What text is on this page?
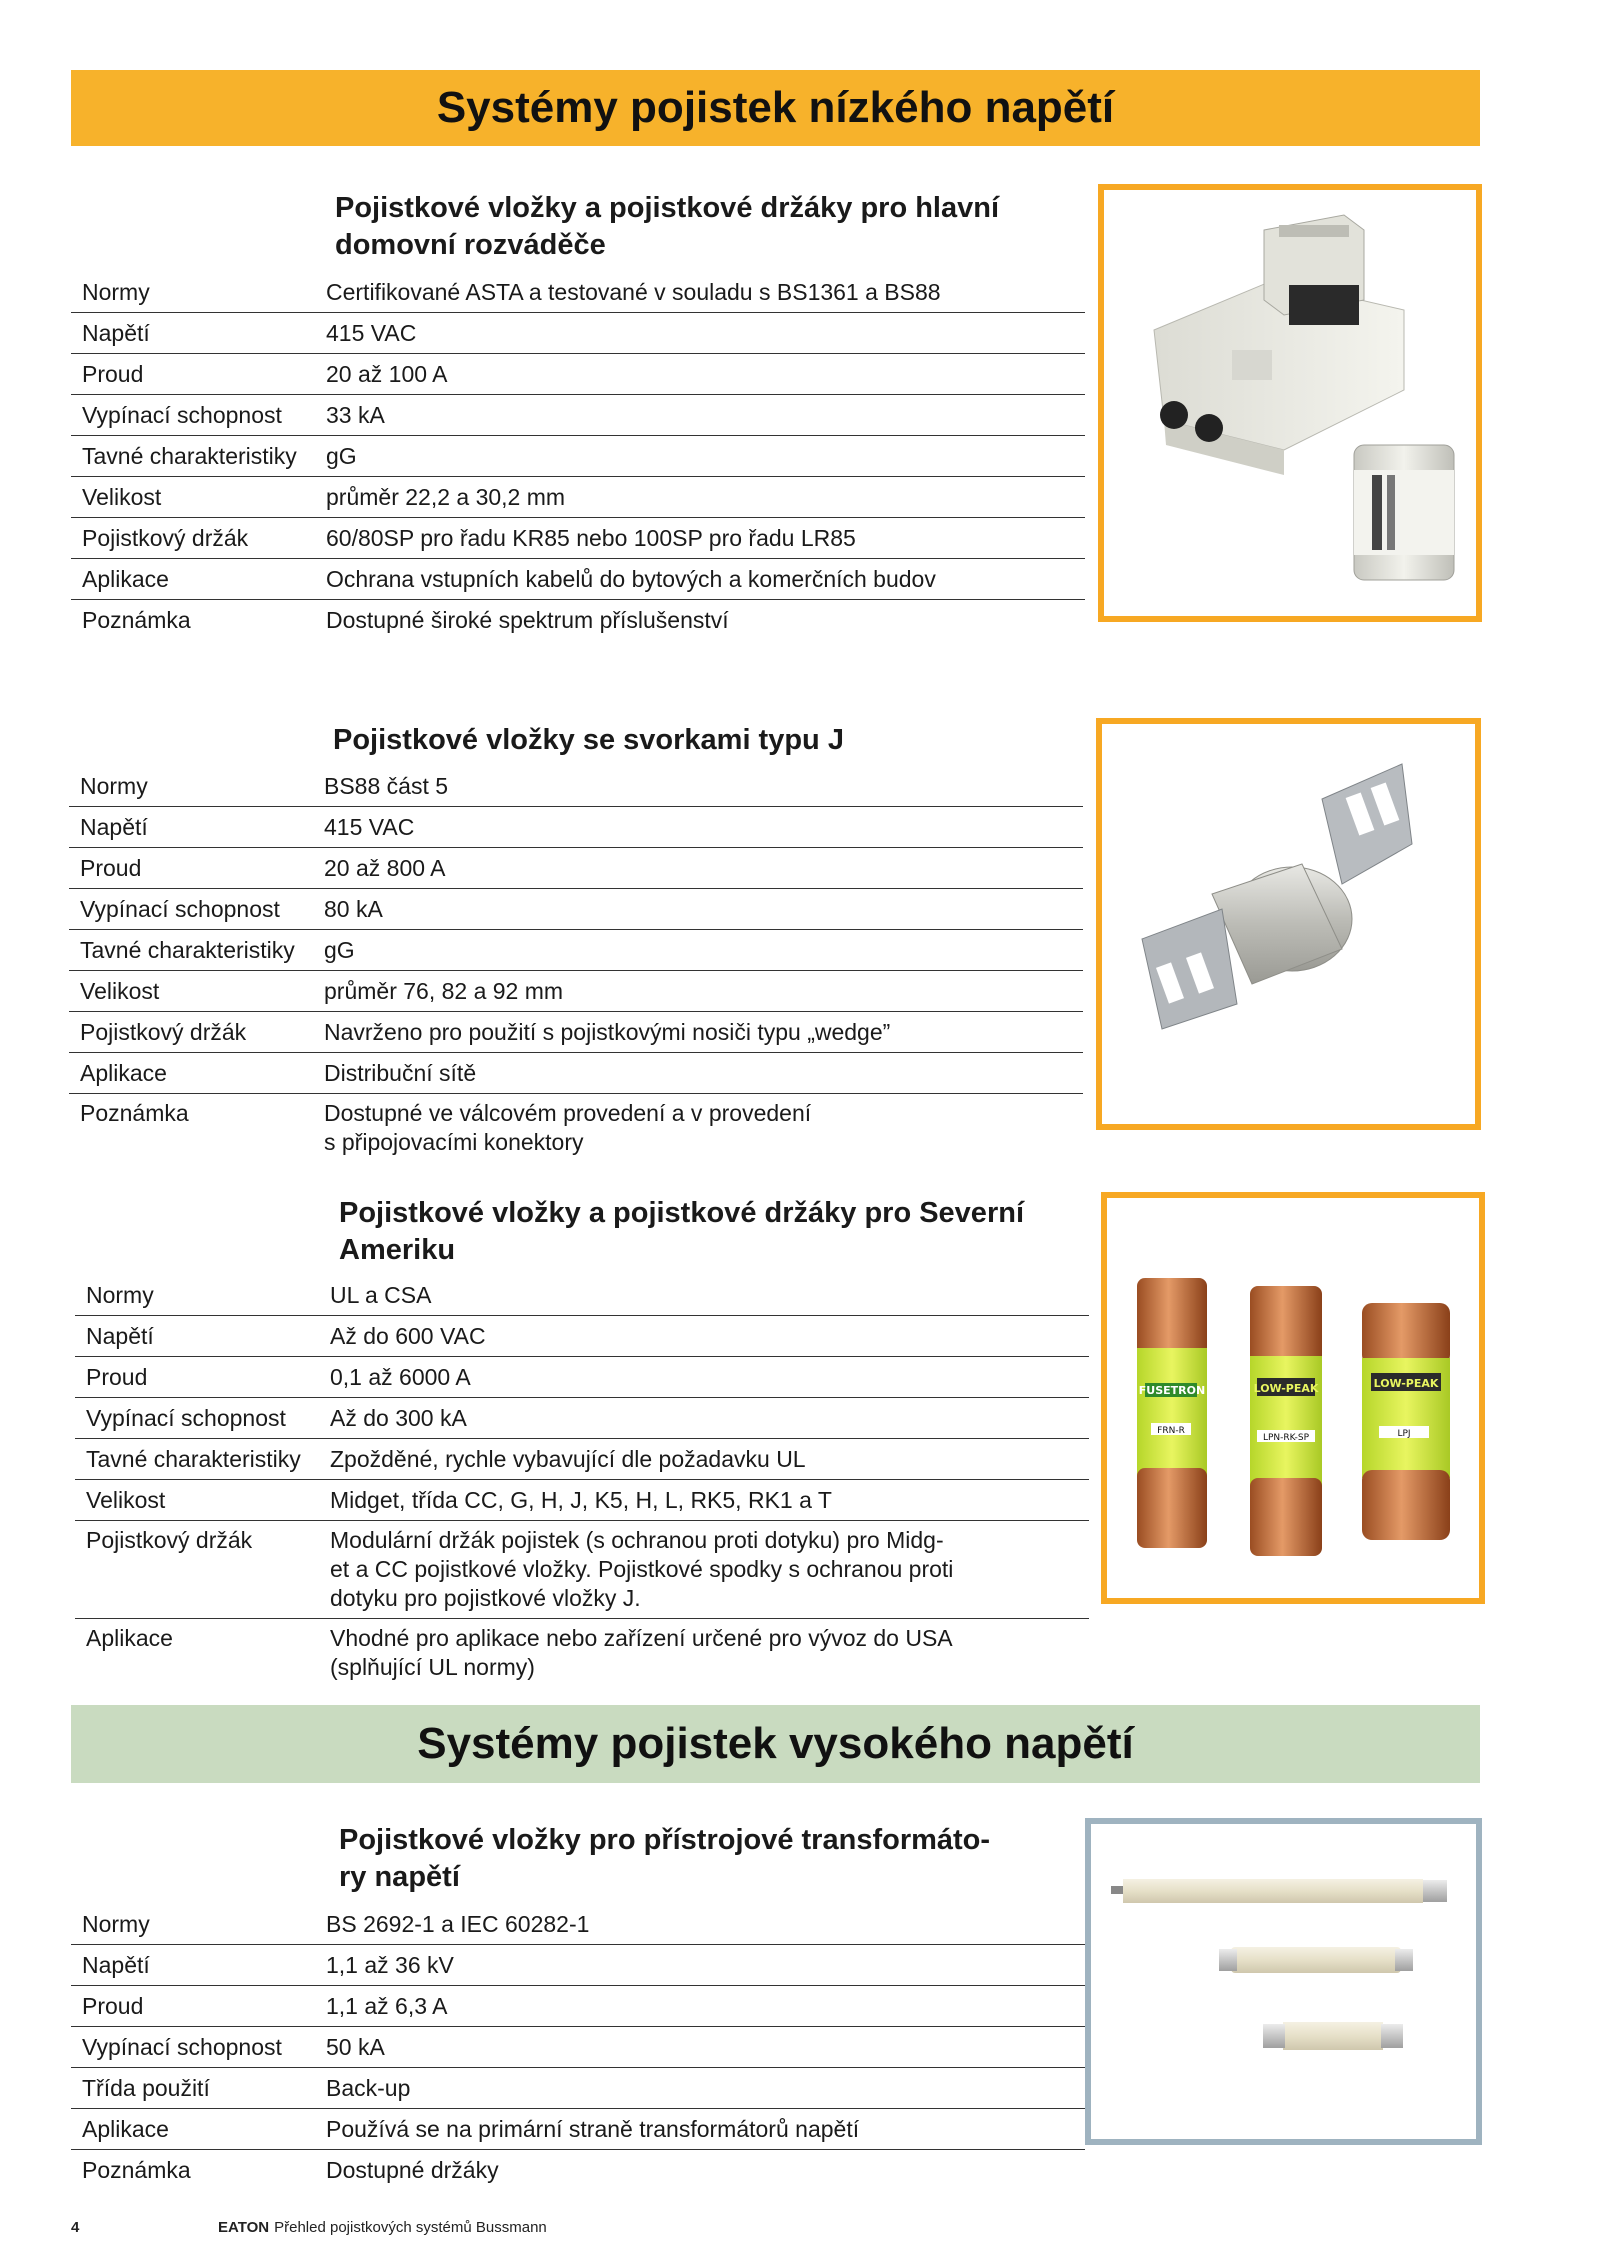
Systémy pojistek nízkého napětí
Pojistkové vložky a pojistkové držáky pro hlavní domovní rozváděče
Normy	Certifikované ASTA a testované v souladu s BS1361 a BS88
Napětí	415 VAC
Proud	20 až 100 A
Vypínací schopnost	33 kA
Tavné charakteristiky	gG
Velikost	průměr 22,2 a 30,2 mm
Pojistkový držák	60/80SP pro řadu KR85 nebo 100SP pro řadu LR85
Aplikace	Ochrana vstupních kabelů do bytových a komerčních budov
Poznámka	Dostupné široké spektrum příslušenství
Pojistkové vložky se svorkami typu J
Normy	BS88 část 5
Napětí	415 VAC
Proud	20 až 800 A
Vypínací schopnost	80 kA
Tavné charakteristiky	gG
Velikost	průměr 76, 82 a 92 mm
Pojistkový držák	Navrženo pro použití s pojistkovými nosiči typu „wedge”
Aplikace	Distribuční sítě
Poznámka	Dostupné ve válcovém provedení a v provedení
s připojovacími konektory
Pojistkové vložky a pojistkové držáky pro Severní Ameriku
Normy	UL a CSA
Napětí	Až do 600 VAC
Proud	0,1 až 6000 A
Vypínací schopnost	Až do 300 kA
Tavné charakteristiky	Zpožděné, rychle vybavující dle požadavku UL
Velikost	Midget, třída CC, G, H, J, K5, H, L, RK5, RK1 a T
Pojistkový držák	Modulární držák pojistek (s ochranou proti dotyku) pro Midg-
et a CC pojistkové vložky. Pojistkové spodky s ochranou proti
dotyku pro pojistkové vložky J.
Aplikace	Vhodné pro aplikace nebo zařízení určené pro vývoz do USA
(splňující UL normy)
FUSETRON
FRN-R
LOW-PEAK
LPN-RK-SP
LOW-PEAK
LPJ
Systémy pojistek vysokého napětí
Pojistkové vložky pro přístrojové transformáto-
ry napětí
Normy	BS 2692-1 a IEC 60282-1
Napětí	1,1 až 36 kV
Proud	1,1 až 6,3 A
Vypínací schopnost	50 kA
Třída použití	Back-up
Aplikace	Používá se na primární straně transformátorů napětí
Poznámka	Dostupné držáky
4	EATON Přehled pojistkových systémů Bussmann
